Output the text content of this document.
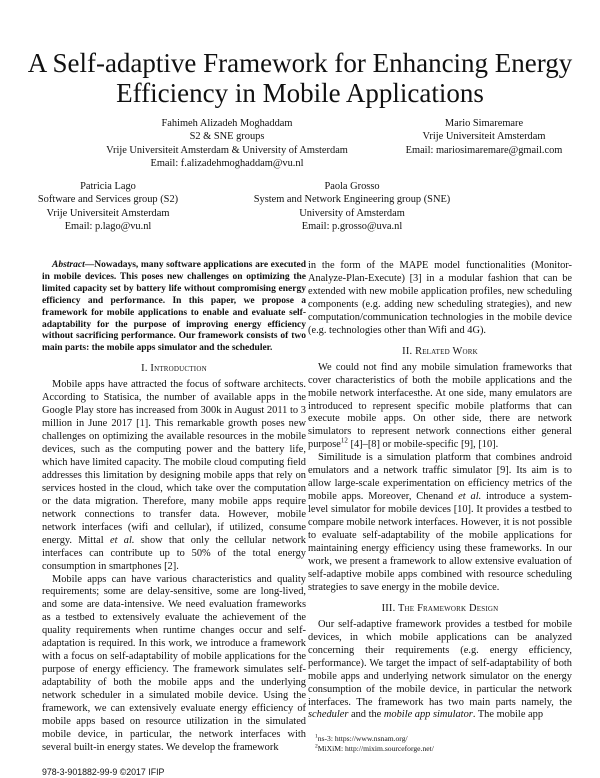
A Self-adaptive Framework for Enhancing Energy
Efficiency in Mobile Applications
Fahimeh Alizadeh Moghaddam
S2 & SNE groups
Vrije Universiteit Amsterdam & University of Amsterdam
Email: f.alizadehmoghaddam@vu.nl
Mario Simaremare
Vrije Universiteit Amsterdam
Email: mariosimaremare@gmail.com
Patricia Lago
Software and Services group (S2)
Vrije Universiteit Amsterdam
Email: p.lago@vu.nl
Paola Grosso
System and Network Engineering group (SNE)
University of Amsterdam
Email: p.grosso@uva.nl

Abstract—Nowadays, many software applications are executed in mobile devices. This poses new challenges on optimizing the limited capacity set by battery life without compromising energy efficiency and performance. In this paper, we propose a framework for mobile applications to enable and evaluate self-adaptability for the purpose of improving energy efficiency without sacrificing performance. Our framework consists of two main parts: the mobile apps simulator and the scheduler.

I. Introduction

Mobile apps have attracted the focus of software architects. According to Statisica, the number of available apps in the Google Play store has increased from 300k in August 2011 to 3 million in June 2017 [1]. This remarkable growth poses new challenges on optimizing the available resources in the mobile devices, such as the computing power and the battery life, which have limited capacity. The mobile cloud computing field addresses this limitation by designing mobile apps that rely on services hosted in the cloud, which take over the computation or the data migration. Therefore, many mobile apps require network connections to transfer data. However, mobile network interfaces (wifi and cellular), if utilized, consume energy. Mittal et al. show that only the cellular network interfaces can contribute up to 50% of the total energy consumption in smartphones [2].

Mobile apps can have various characteristics and quality requirements; some are delay-sensitive, some are long-lived, and some are data-intensive. We need evaluation frameworks as a testbed to extensively evaluate the achievement of the quality requirements when runtime changes occur and self-adaptation is required. In this work, we introduce a framework with a focus on self-adaptability of mobile applications for the purpose of energy efficiency. The framework simulates self-adaptability of both the mobile apps and the underlying network scheduler in a simulated mobile device. Using the framework, we can extensively evaluate energy efficiency of mobile apps based on resource utilization in the simulated mobile device, in particular, the network interfaces with several built-in energy states. We develop the framework

978-3-901882-99-9 ©2017 IFIP

in the form of the MAPE model functionalities (Monitor-Analyze-Plan-Execute) [3] in a modular fashion that can be extended with new mobile application profiles, new scheduling components (e.g. adding new scheduling strategies), and new computation/communication technologies in the mobile device (e.g. technologies other than Wifi and 4G).

II. Related Work

We could not find any mobile simulation frameworks that cover characteristics of both the mobile applications and the mobile network interfacesthe. At one side, many emulators are introduced to represent specific mobile platforms that can execute mobile apps. On other side, there are network simulators to represent network connections either general purpose$^{12}$ [4]–[8] or mobile-specific [9], [10].

Similitude is a simulation platform that combines android emulators and a network traffic simulator [9]. Its aim is to allow large-scale experimentation on efficiency metrics of the mobile apps. Moreover, Chenand et al. introduce a system-level simulator for mobile devices [10]. It provides a testbed to compare mobile network interfaces. However, it is not possible to evaluate self-adaptability of the mobile applications for maintaining energy efficiency using these frameworks. In our work, we present a framework to allow extensive evaluation of self-adaptive mobile apps combined with resource scheduling strategies to save energy in the mobile device.

III. The Framework Design

Our self-adaptive framework provides a testbed for mobile devices, in which mobile applications can be analyzed concerning their requirements (e.g. energy efficiency, performance). We target the impact of self-adaptability of both mobile apps and underlying network simulator on the energy consumption of the mobile device, in particular the network interfaces. The framework has two main parts namely, the scheduler and the mobile app simulator. The mobile app

$^1$ns-3: https://www.nsnam.org/
$^2$MiXiM: http://mixim.sourceforge.net/
